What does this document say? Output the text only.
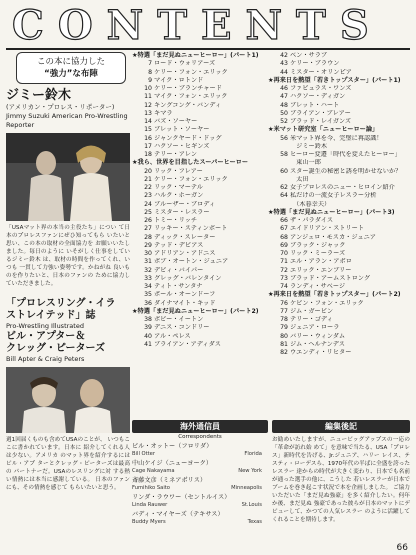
CONTENTS
この本に協力した
“強力”な布陣
ジミー鈴木
(アメリカン・プロレス・リポーター)
Jimmy Suzuki American Pro-Wrestling Reporter
「USAマット界の本当の主役たち」につい て日本のプロレスファンにぜひ知ってもら いたいと思い、この本の取材の全面協力を お願いいたしました。毎日のように いそがしく仕事をしているジミー鈴木 は、取材の時間を作ってくれ、いつも 一貫して力強い姿勢です。かねがね 良いものを作りたいと、日本のファンの ために協力していただきました。
「プロレスリング・イラ
ストレイテッド」誌
Pro-Wrestling Illustrated
ビル・アプター＆
クレッグ・ピーターズ
Bill Apter & Craig Peters
週1回届くものも含めてUSAのことが、 いつもここに書かれています。日本に 紹介してくれる人は少ない。アメリカ のマット界を紹介するにはビル・アプ ターとクレッグ・ピーターズは最高の パートナーだ。USAのレスリングに対 する熱い情熱には本当に感謝している。 日本のファンにも、その情熱を感じて もらいたいと思う。
★特選「まだ見ぬニューヒーロー」(パート1)
7 ロード・ウォリアーズ
8 ケリー・フォン・エリック
9 マイク・ロトンド
10 ケリー・ブランチャード
11 マイク・フォン・エリック
12 キングコング・バンディ
13 キマラ
14 バズ・ソーヤー
15 ブレット・ソーヤー
16 ジャンクヤード・ドッグ
17 ハクソー・ヒギンズ
18 テリー・アレン
★我ら、世界を目指したスーパーヒーロー
20 リック・フレアー
21 ケリー・フォン・エリック
22 リック・マーテル
23 ハルク・ホーガン
24 ブルーザー・ブロディ
25 ミスター・レスラー
26 トミー・リッチ
27 リッキー・スティンボート
28 ディック・スレーター
29 テッド・デビアス
30 アドリアン・アドニス
31 ボブ・オートン・ジュニア
32 デビィ・バイパー
33 グレッグ・バレンタイン
34 ティト・サンタナ
35 ポール・オーンドーフ
36 ダイナマイト・キッド
★特選「まだ見ぬニューヒーロー」(パート2)
38 ボビー・イートン
39 デニス・コンドリー
40 アル・ペレス
41 ブライアン・アディダス
42 ベン・サラブ
43 ケリー・ブラウン
44 ミスター・オリンピア
★再来日を熱望「若きトップスター」(パート1)
46 ファビュラス・ワンズ
47 ハクソー・ディガン
48 ブレット・ハート
50 ブライアン・ブレアー
52 ブラッド・レイガンズ
★米マット研究室「ニューヒーロー論」
56 米マット界を今、完璧に再認識！
　ジミー鈴木
58 ヒーロー変遷「時代を変えたヒーロー」
　東山一郎
60 スター誕生の秘密と誘を明かせないか？
　太田
62 女子プロレスのニュー・ヒロイン紹介
64 私だけの一流女子レスラー分析
　（木暮幸夫）
★特選「まだ見ぬニューヒーロー」(パート3)
66 ザ・パラダイス
67 エイドリアン・ストリート
68 アンジェロ・モスカ・ジュニア
69 ブラック・ジャック
70 リック・ミーラーズ
71 エル・アラン・アポロ
72 エリック・エンブリー
73 ブラッド・アームストロング
74 ランディ・サベージ
★再来日を熱望「若きトップスター」(パート2)
76 ケビン・フォン・エリック
77 ジム・ガービン
78 テリー・ゴディ
79 ジュニア・ローラ
80 バリー・ウィンダム
81 ジム・ヘルナンデス
82 ウエンディ・リヒター
海外通信員
Correspondents
ビル・オットー（フロリダ）
Bill Otter	Florida
中山ケイジ（ニューヨーク）
Cage Nakayama	New York
斎藤文彦（ミネアポリス）
Fumihiko Saito	Minneapolis
リンダ・ラウワー（セントルイス）
Linda Rauwer	St.Louis
バディ・マイヤーズ（テキサス）
Buddy Myers	Texas
編集後記
お勧めいたしますが、ニュービッグアップスの一応の「革命が訪れ始 めて」を意味で当たる、USA「プロレス」新時代を告げる、Jr.ジュニア、ハリー レイス、テスティ・ローデスら、1970年代の半ばに全盛を誇ったレスラー 達からの時代が大きく変わり、日本でも名前が通った選手の他に、こうした 若いレスラーが日本でブームを巻き起こす状況で本を企画しました。 ご協力いただいた「まだ見ぬ強豪」を多く紹介したい。何年か後、まだ見ぬ 強豪であった彼らが日本のマットにデビューして、かつての人気レスラー のように活躍してくれることを期待します。
66
